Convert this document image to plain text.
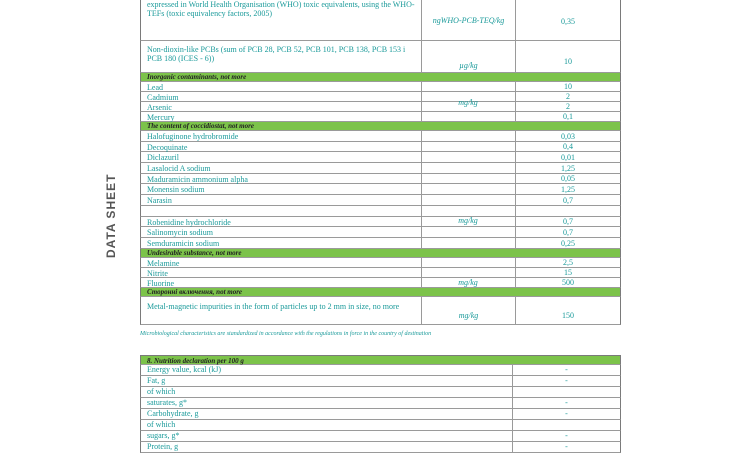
DATA SHEET
expressed in World Health Organisation (WHO) toxic equivalents, using the WHO- TEFs (toxic equivalency factors, 2005)
ngWHO-PCB-TEQ/kg	0,35
Non-dioxin-like PCBs (sum of PCB 28, PCB 52, PCB 101, PCB 138, PCB 153 i PCB 180 (ICES - 6))
µg/kg	10
Inorganic contaminants, not more
Lead	10
Cadmium	2
Arsenic	2
Mercury	0,1
mg/kg
The content of coccidiostat, not more
Halofuginone hydrobromide	0,03
Decoquinate	0,4
Diclazuril	0,01
Lasalocid A sodium	1,25
Maduramicin ammonium alpha	0,05
Monensin sodium	1,25
Narasin	0,7
Robenidine hydrochloride	0,7
Salinomycin sodium	0,7
Semduramicin sodium	0,25
mg/kg
Undesirable substance, not more
Melamine	2,5
Nitrite	15
Fluorine	500
mg/kg
Сторонні включення, not more
Metal-magnetic impurities in the form of particles up to 2 mm in size, no more
mg/kg	150
Microbiological characteristics are standardized in accordance with the regulations in force in the country of destination
8. Nutrition declaration per 100 g
Energy value, kcal (kJ)	-
Fat, g	-
of which
saturates, g*	-
Carbohydrate, g	-
of which
sugars, g*	-
Protein, g	-
